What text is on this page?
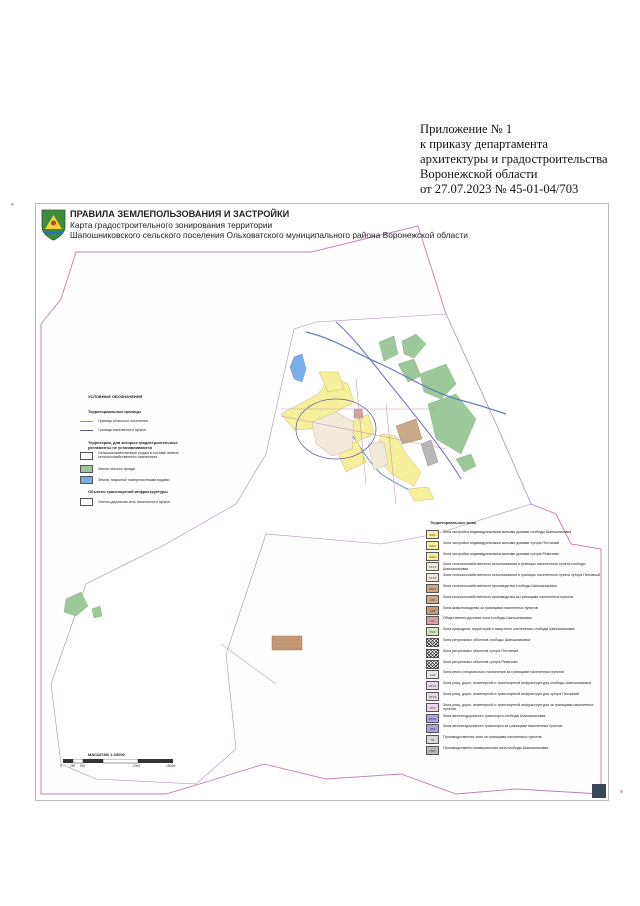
Приложение № 1
к приказу департамента
архитектуры и градостроительства
Воронежской области
от 27.07.2023 № 45-01-04/703
ПРАВИЛА ЗЕМЛЕПОЛЬЗОВАНИЯ И ЗАСТРОЙКИ
Карта градостроительного зонирования территории
Шапошниковского сельского поселения Ольховатского муниципального района Воронежской области
УСЛОВНЫЕ ОБОЗНАЧЕНИЯ
Территориальные границы
Граница сельского поселения
Граница населенного пункта
Территории, для которых градостроительные регламенты не устанавливаются
Сельскохозяйственные угодья в составе земель сельскохозяйственного назначения
Земли лесного фонда
Земли, покрытые поверхностными водами
Объекты транспортной инфраструктуры
Улично-дорожная сеть населенного пункта
Территориальные зоны
Ж1/1
Зона застройки индивидуальными жилыми домами слободы Шапошниковка
Ж1/2
Зона застройки индивидуальными жилыми домами хутора Песчаный
Ж1/3
Зона застройки индивидуальными жилыми домами хутора Ремизово
СХ1/1
Зона сельскохозяйственного использования в границах населенного пункта слободы Шапошниковка
СХ1/2
Зона сельскохозяйственного использования в границах населенного пункта хутора Песчаный
СХ2/1
Зона сельскохозяйственного производства слободы Шапошниковка
СХ2
Зона сельскохозяйственного производства за границами населенных пунктов
СХ3
Зона животноводства за границами населенных пунктов
О1
Общественно-деловая зона слободы Шапошниковка
Р1/1
Зона природных территорий и защитного озеленения слободы Шапошниковка
Зона ритуальных объектов слободы Шапошниковка
Зона ритуальных объектов хутора Песчаный
Зона ритуальных объектов хутора Ремизово
СН3
Зона иного специального назначения за границами населенных пунктов
ИТ1/1
Зона улиц, дорог, инженерной и транспортной инфраструктуры слободы Шапошниковка
ИТ1/2
Зона улиц, дорог, инженерной и транспортной инфраструктуры хутора Песчаный
ИТ2
Зона улиц, дорог, инженерной и транспортной инфраструктуры за границами населенных пунктов
ИТ3/1
Зона железнодорожного транспорта слободы Шапошниковка
ИТ3
Зона железнодорожного транспорта за границами населенных пунктов
П1
Производственная зона за границами населенных пунктов
П2/1
Производственно-коммунальная зона слободы Шапошниковка
МАСШТАБ 1:25000
0	250 500	1000	1500м
